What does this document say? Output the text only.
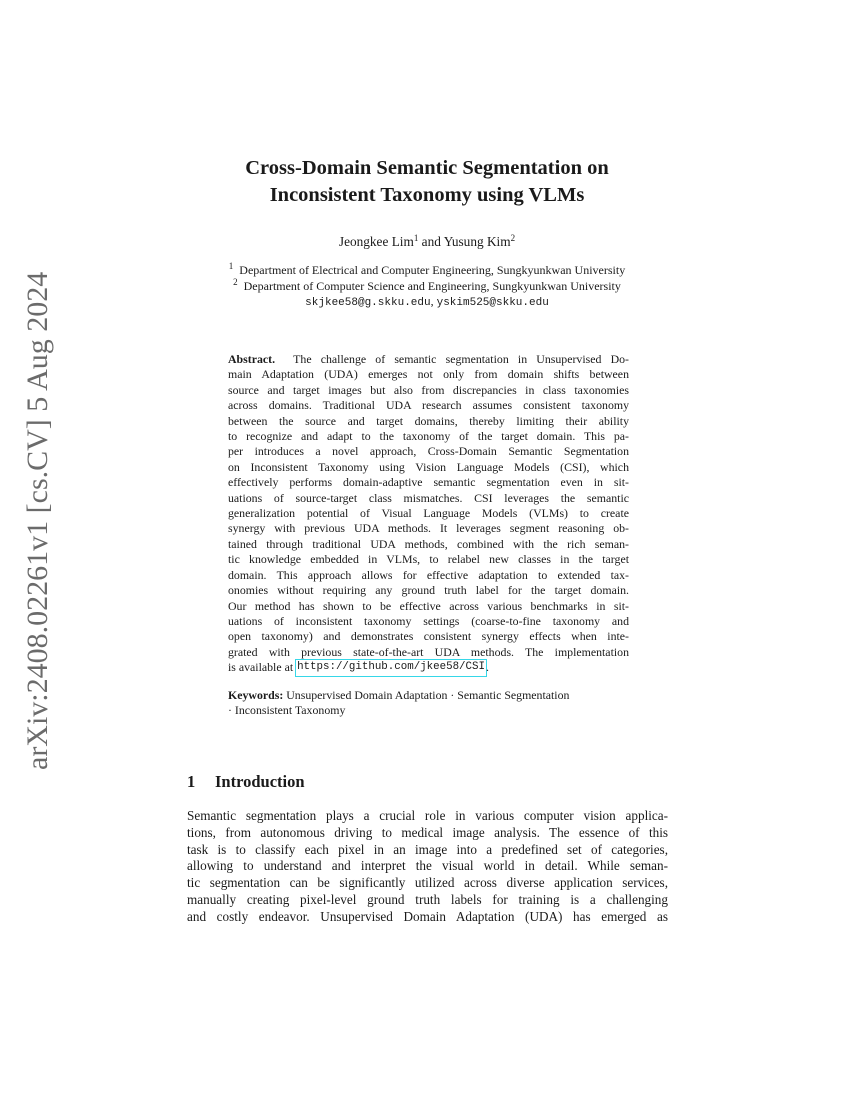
arXiv:2408.02261v1 [cs.CV] 5 Aug 2024
Cross-Domain Semantic Segmentation on
Inconsistent Taxonomy using VLMs
Jeongkee Lim$^1$ and Yusung Kim$^2$
$^1$ Department of Electrical and Computer Engineering, Sungkyunkwan University
$^2$ Department of Computer Science and Engineering, Sungkyunkwan University
skjkee58@g.skku.edu, yskim525@skku.edu
Abstract. The challenge of semantic segmentation in Unsupervised Do-
main Adaptation (UDA) emerges not only from domain shifts between
source and target images but also from discrepancies in class taxonomies
across domains. Traditional UDA research assumes consistent taxonomy
between the source and target domains, thereby limiting their ability
to recognize and adapt to the taxonomy of the target domain. This pa-
per introduces a novel approach, Cross-Domain Semantic Segmentation
on Inconsistent Taxonomy using Vision Language Models (CSI), which
effectively performs domain-adaptive semantic segmentation even in sit-
uations of source-target class mismatches. CSI leverages the semantic
generalization potential of Visual Language Models (VLMs) to create
synergy with previous UDA methods. It leverages segment reasoning ob-
tained through traditional UDA methods, combined with the rich seman-
tic knowledge embedded in VLMs, to relabel new classes in the target
domain. This approach allows for effective adaptation to extended tax-
onomies without requiring any ground truth label for the target domain.
Our method has shown to be effective across various benchmarks in sit-
uations of inconsistent taxonomy settings (coarse-to-fine taxonomy and
open taxonomy) and demonstrates consistent synergy effects when inte-
grated with previous state-of-the-art UDA methods. The implementation
is available at https://github.com/jkee58/CSI .
Keywords: Unsupervised Domain Adaptation · Semantic Segmentation
· Inconsistent Taxonomy
1 Introduction
Semantic segmentation plays a crucial role in various computer vision applica-
tions, from autonomous driving to medical image analysis. The essence of this
task is to classify each pixel in an image into a predefined set of categories,
allowing to understand and interpret the visual world in detail. While seman-
tic segmentation can be significantly utilized across diverse application services,
manually creating pixel-level ground truth labels for training is a challenging
and costly endeavor. Unsupervised Domain Adaptation (UDA) has emerged as
